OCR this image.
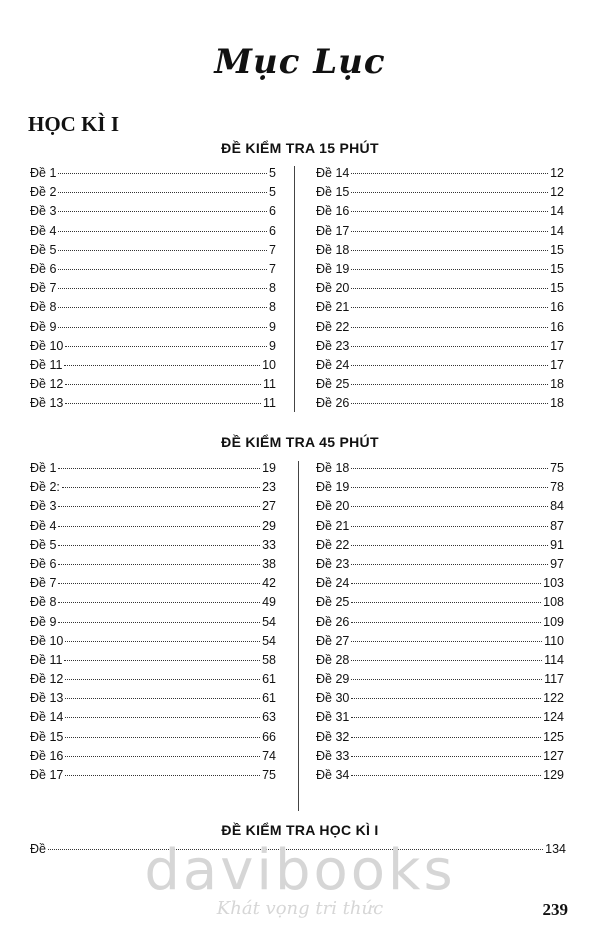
Mục Lục
HỌC KÌ I
ĐỀ KIỂM TRA 15 PHÚT
Đề 1	5
Đề 2	5
Đề 3	6
Đề 4	6
Đề 5	7
Đề 6	7
Đề 7	8
Đề 8	8
Đề 9	9
Đề 10	9
Đề 11	10
Đề 12	11
Đề 13	11
Đề 14	12
Đề 15	12
Đề 16	14
Đề 17	14
Đề 18	15
Đề 19	15
Đề 20	15
Đề 21	16
Đề 22	16
Đề 23	17
Đề 24	17
Đề 25	18
Đề 26	18
ĐỀ KIỂM TRA 45 PHÚT
Đề 1	19
Đề 2:	23
Đề 3	27
Đề 4	29
Đề 5	33
Đề 6	38
Đề 7	42
Đề 8	49
Đề 9	54
Đề 10	54
Đề 11	58
Đề 12	61
Đề 13	61
Đề 14	63
Đề 15	66
Đề 16	74
Đề 17	75
Đề 18	75
Đề 19	78
Đề 20	84
Đề 21	87
Đề 22	91
Đề 23	97
Đề 24	103
Đề 25	108
Đề 26	109
Đề 27	110
Đề 28	114
Đề 29	117
Đề 30	122
Đề 31	124
Đề 32	125
Đề 33	127
Đề 34	129
ĐỀ KIỂM TRA HỌC KÌ I
Đề	134
davibooks
Khát vọng tri thức	239
